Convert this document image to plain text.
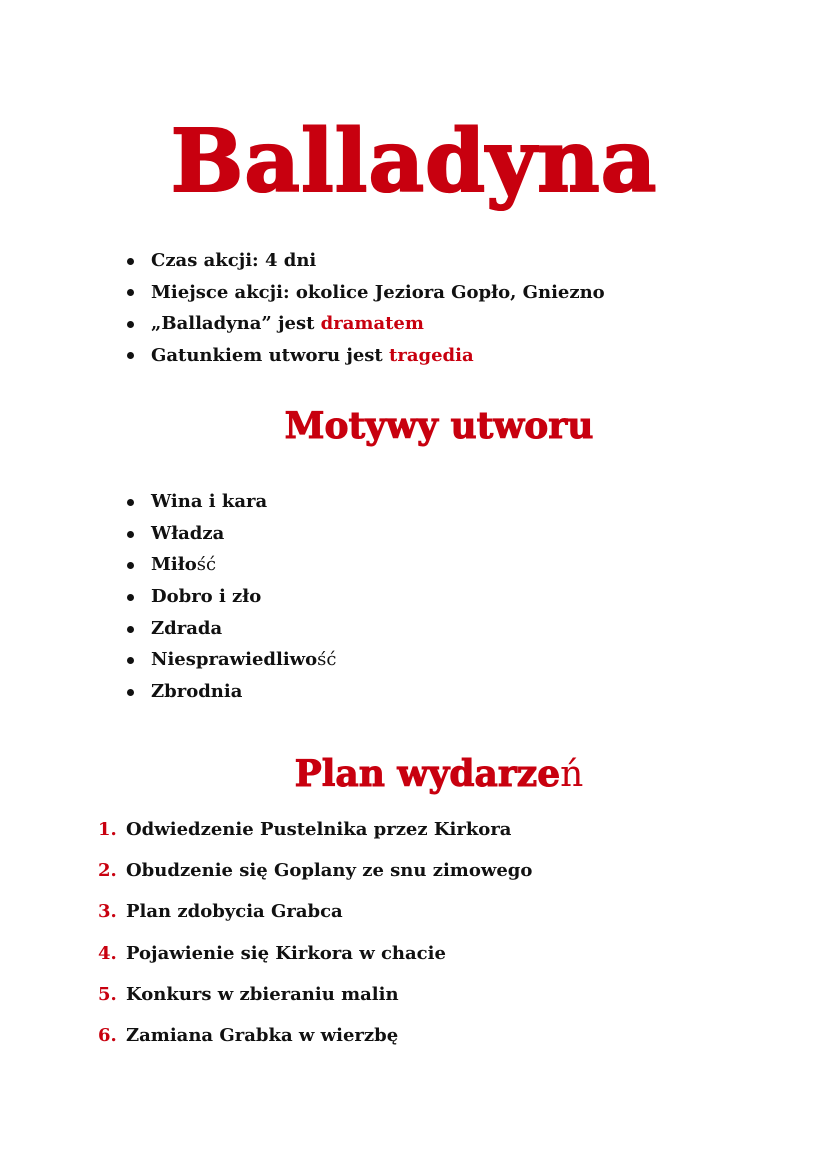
Balladyna
Czas akcji: 4 dni
Miejsce akcji: okolice Jeziora Gopło, Gniezno
„Balladyna” jest dramatem
Gatunkiem utworu jest tragedia
Motywy utworu
Wina i kara
Władza
Miłość
Dobro i zło
Zdrada
Niesprawiedliwość
Zbrodnia
Plan wydarzeń
1. Odwiedzenie Pustelnika przez Kirkora
2. Obudzenie się Goplany ze snu zimowego
3. Plan zdobycia Grabca
4. Pojawienie się Kirkora w chacie
5. Konkurs w zbieraniu malin
6. Zamiana Grabka w wierzbę
